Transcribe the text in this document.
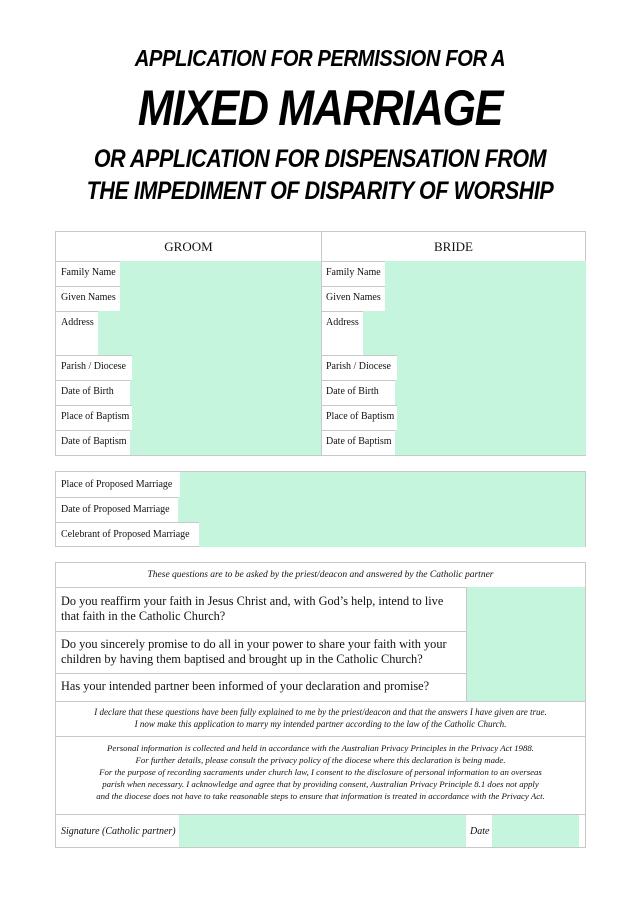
APPLICATION FOR PERMISSION FOR A
MIXED MARRIAGE
OR APPLICATION FOR DISPENSATION FROM
THE IMPEDIMENT OF DISPARITY OF WORSHIP
GROOM
Family Name
Given Names
Address
Parish / Diocese
Date of Birth
Place of Baptism
Date of Baptism
BRIDE
Family Name
Given Names
Address
Parish / Diocese
Date of Birth
Place of Baptism
Date of Baptism
Place of Proposed Marriage
Date of Proposed Marriage
Celebrant of Proposed Marriage
These questions are to be asked by the priest/deacon and answered by the Catholic partner
Do you reaffirm your faith in Jesus Christ and, with God’s help, intend to live that faith in the Catholic Church?
Do you sincerely promise to do all in your power to share your faith with your children by having them baptised and brought up in the Catholic Church?
Has your intended partner been informed of your declaration and promise?
I declare that these questions have been fully explained to me by the priest/deacon and that the answers I have given are true.
I now make this application to marry my intended partner according to the law of the Catholic Church.
Personal information is collected and held in accordance with the Australian Privacy Principles in the Privacy Act 1988.
For further details, please consult the privacy policy of the diocese where this declaration is being made.
For the purpose of recording sacraments under church law, I consent to the disclosure of personal information to an overseas
parish when necessary. I acknowledge and agree that by providing consent, Australian Privacy Principle 8.1 does not apply
and the diocese does not have to take reasonable steps to ensure that information is treated in accordance with the Privacy Act.
Signature (Catholic partner)	Date
